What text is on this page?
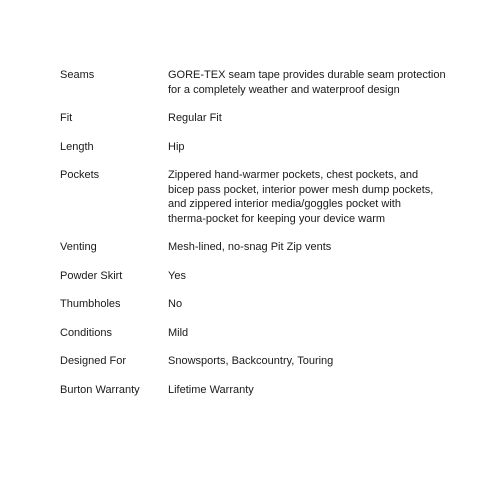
Seams	GORE-TEX seam tape provides durable seam protection
for a completely weather and waterproof design
Fit	Regular Fit
Length	Hip
Pockets	Zippered hand-warmer pockets, chest pockets, and
bicep pass pocket, interior power mesh dump pockets,
and zippered interior media/goggles pocket with
therma-pocket for keeping your device warm
Venting	Mesh-lined, no-snag Pit Zip vents
Powder Skirt	Yes
Thumbholes	No
Conditions	Mild
Designed For	Snowsports, Backcountry, Touring
Burton Warranty	Lifetime Warranty
